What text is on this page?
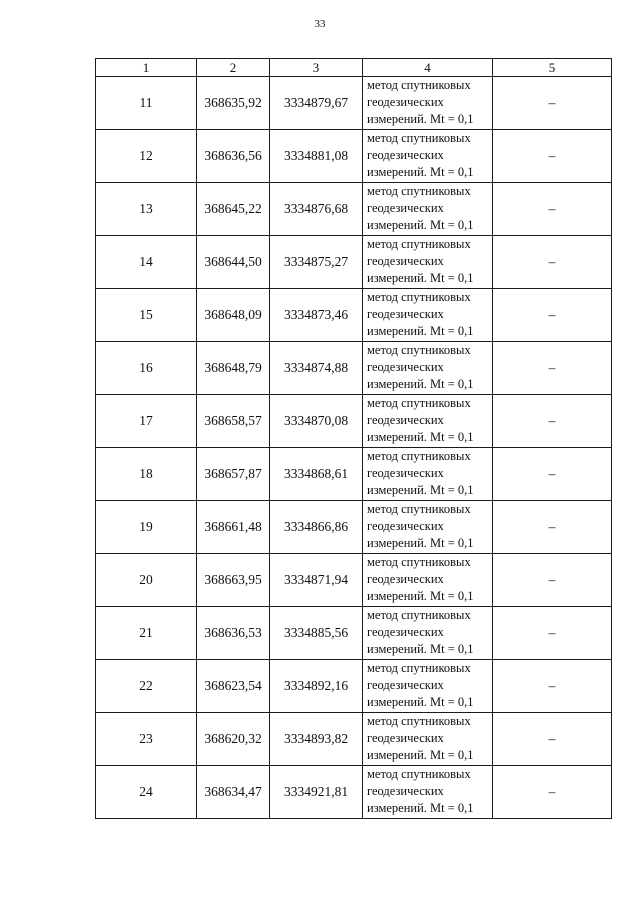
33
1	2	3	4	5
11	368635,92	3334879,67	метод спутниковых
геодезических
измерений. Mt = 0,1	–
12	368636,56	3334881,08	метод спутниковых
геодезических
измерений. Mt = 0,1	–
13	368645,22	3334876,68	метод спутниковых
геодезических
измерений. Mt = 0,1	–
14	368644,50	3334875,27	метод спутниковых
геодезических
измерений. Mt = 0,1	–
15	368648,09	3334873,46	метод спутниковых
геодезических
измерений. Mt = 0,1	–
16	368648,79	3334874,88	метод спутниковых
геодезических
измерений. Mt = 0,1	–
17	368658,57	3334870,08	метод спутниковых
геодезических
измерений. Mt = 0,1	–
18	368657,87	3334868,61	метод спутниковых
геодезических
измерений. Mt = 0,1	–
19	368661,48	3334866,86	метод спутниковых
геодезических
измерений. Mt = 0,1	–
20	368663,95	3334871,94	метод спутниковых
геодезических
измерений. Mt = 0,1	–
21	368636,53	3334885,56	метод спутниковых
геодезических
измерений. Mt = 0,1	–
22	368623,54	3334892,16	метод спутниковых
геодезических
измерений. Mt = 0,1	–
23	368620,32	3334893,82	метод спутниковых
геодезических
измерений. Mt = 0,1	–
24	368634,47	3334921,81	метод спутниковых
геодезических
измерений. Mt = 0,1	–
